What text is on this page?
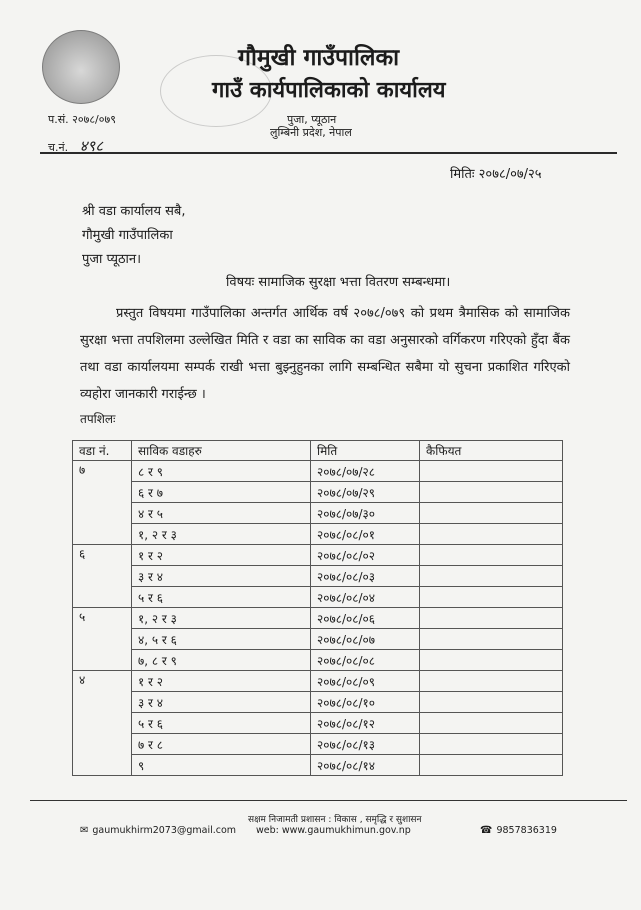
गौमुखी गाउँपालिका
गाउँ कार्यपालिकाको कार्यालय
पुजा, प्यूठान
लुम्बिनी प्रदेश, नेपाल
प.सं. २०७८/०७९
च.नं. ४९८
मितिः २०७८/०७/२५
श्री वडा कार्यालय सबै,
गौमुखी गाउँपालिका
पुजा प्यूठान।
विषयः सामाजिक सुरक्षा भत्ता वितरण सम्बन्धमा।
प्रस्तुत विषयमा गाउँपालिका अन्तर्गत आर्थिक वर्ष २०७८/०७९ को प्रथम त्रैमासिक को सामाजिक सुरक्षा भत्ता तपशिलमा उल्लेखित मिति र वडा का साविक का वडा अनुसारको वर्गिकरण गरिएको हुँदा बैंक तथा वडा कार्यालयमा सम्पर्क राखी भत्ता बुझ्नुहुनका लागि सम्बन्धित सबैमा यो सुचना प्रकाशित गरिएको व्यहोरा जानकारी गराईन्छ ।
तपशिलः
वडा नं.	साविक वडाहरु	मिति	कैफियत
७	८ र ९	२०७८/०७/२८	
	६ र ७	२०७८/०७/२९	
	४ र ५	२०७८/०७/३०	
	१, २ र ३	२०७८/०८/०१	
६	१ र २	२०७८/०८/०२	
	३ र ४	२०७८/०८/०३	
	५ र ६	२०७८/०८/०४	
५	१, २ र ३	२०७८/०८/०६	
	४, ५ र ६	२०७८/०८/०७	
	७, ८ र ९	२०७८/०८/०८	
४	१ र २	२०७८/०८/०९	
	३ र ४	२०७८/०८/१०	
	५ र ६	२०७८/०८/१२	
	७ र ८	२०७८/०८/१३	
	९	२०७८/०८/१४	
सक्षम निजामती प्रशासन : विकास , समृद्धि र सुशासन
✉ gaumukhirm2073@gmail.com web: www.gaumukhimun.gov.np	☎ 9857836319
